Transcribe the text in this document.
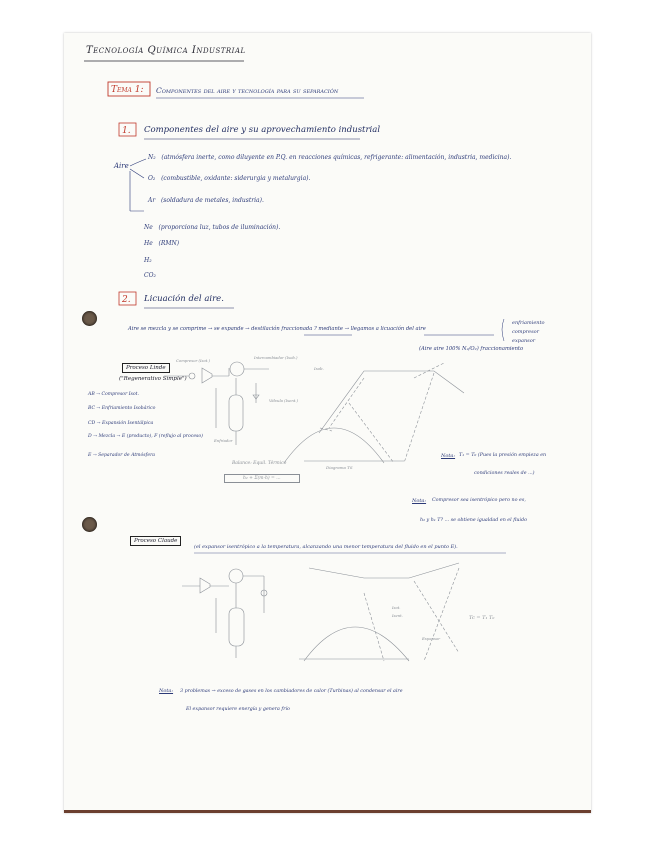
Tecnología Química Industrial
Tema 1: Componentes del aire y tecnología para su separación
1. Componentes del aire y su aprovechamiento industrial
Aire
N₂ (atmósfera inerte, como diluyente en P.Q. en reacciones químicas, refrigerante: alimentación, industria, medicina).
O₂ (combustible, oxidante: siderurgia y metalurgia).
Ar (soldadura de metales, industria).
Ne (proporciona luz, tubos de iluminación).
He (RMN)
H₂
CO₂
2. Licuación del aire.
Aire se mezcla y se comprime → se expande → destilación fraccionada ? mediante → llegamos a licuación del aire
(Aire aire 100% N₂/O₂) fraccionamiento
enfriamiento
compresor
expansor
Proceso Linde
("Regenerativo Simple")
AB → Compresor Isot.
BC → Enfriamiento Isobárico
CD → Expansión Isentálpica
D → Mezcla → E (producto), F (reflujo al proceso)
E → Separador de Atmósfera
Compresor (Isot.)
Intercambiador (Isob.)
Válvula (Isent.)
Enfriador
Balance: Equil. Térmico
h₂ + Σ(m·h) = ...
Isob.
Diagrama TS
Nota: T₁ = T₀ (Pues la presión empieza en
condiciones reales de ...)
Nota: Compresor sea isentrópico pero no es,
h₂ y h₁ T? ... se obtiene igualdad en el fluido
Proceso Claude
(el expansor isentrópico a la temperatura, alcanzando una menor temperatura del fluido en el punto E).
Tc = T₁ T₀
Isot.
Isent.
Expansor
Nota: 3 problemas → exceso de gases en los cambiadores de calor (Turbinas) al condensar el aire
El expansor requiere energía y genera frío
